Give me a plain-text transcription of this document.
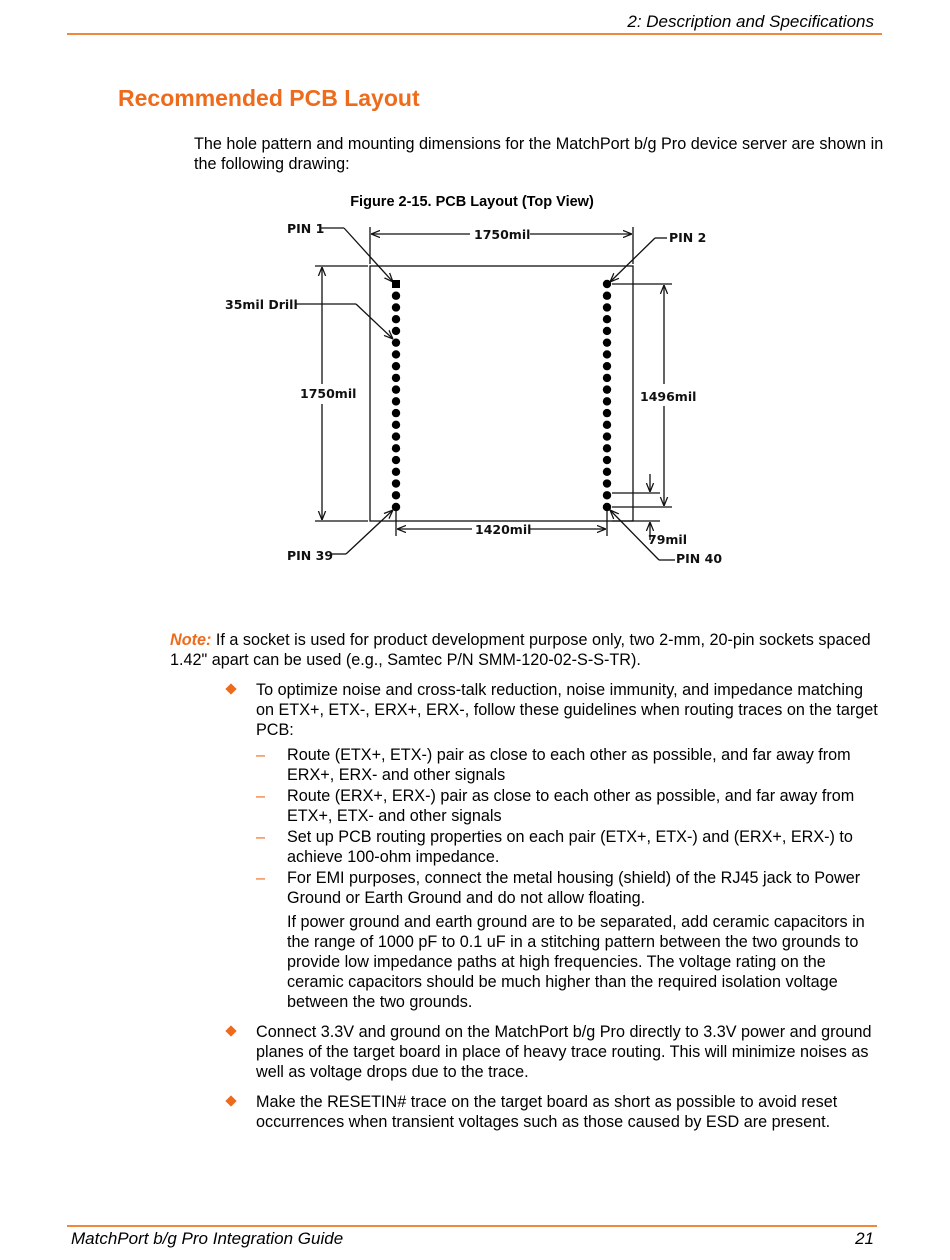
2: Description and Specifications
Recommended PCB Layout
The hole pattern and mounting dimensions for the MatchPort b/g Pro device server are shown in the following drawing:
Figure 2-15. PCB Layout (Top View)
PIN 1
PIN 2
35mil Drill
1750mil
1750mil	1496mil
1420mil
79mil
PIN 39	PIN 40
Note: If a socket is used for product development purpose only, two 2-mm, 20-pin sockets spaced 1.42" apart can be used (e.g., Samtec P/N SMM-120-02-S-S-TR).
To optimize noise and cross-talk reduction, noise immunity, and impedance matching on ETX+, ETX-, ERX+, ERX-, follow these guidelines when routing traces on the target PCB:
– Route (ETX+, ETX-) pair as close to each other as possible, and far away from ERX+, ERX- and other signals
– Route (ERX+, ERX-) pair as close to each other as possible, and far away from ETX+, ETX- and other signals
– Set up PCB routing properties on each pair (ETX+, ETX-) and (ERX+, ERX-) to achieve 100-ohm impedance.
– For EMI purposes, connect the metal housing (shield) of the RJ45 jack to Power Ground or Earth Ground and do not allow floating.
If power ground and earth ground are to be separated, add ceramic capacitors in the range of 1000 pF to 0.1 uF in a stitching pattern between the two grounds to provide low impedance paths at high frequencies. The voltage rating on the ceramic capacitors should be much higher than the required isolation voltage between the two grounds.
Connect 3.3V and ground on the MatchPort b/g Pro directly to 3.3V power and ground planes of the target board in place of heavy trace routing. This will minimize noises as well as voltage drops due to the trace.
Make the RESETIN# trace on the target board as short as possible to avoid reset occurrences when transient voltages such as those caused by ESD are present.
MatchPort b/g Pro Integration Guide	21
